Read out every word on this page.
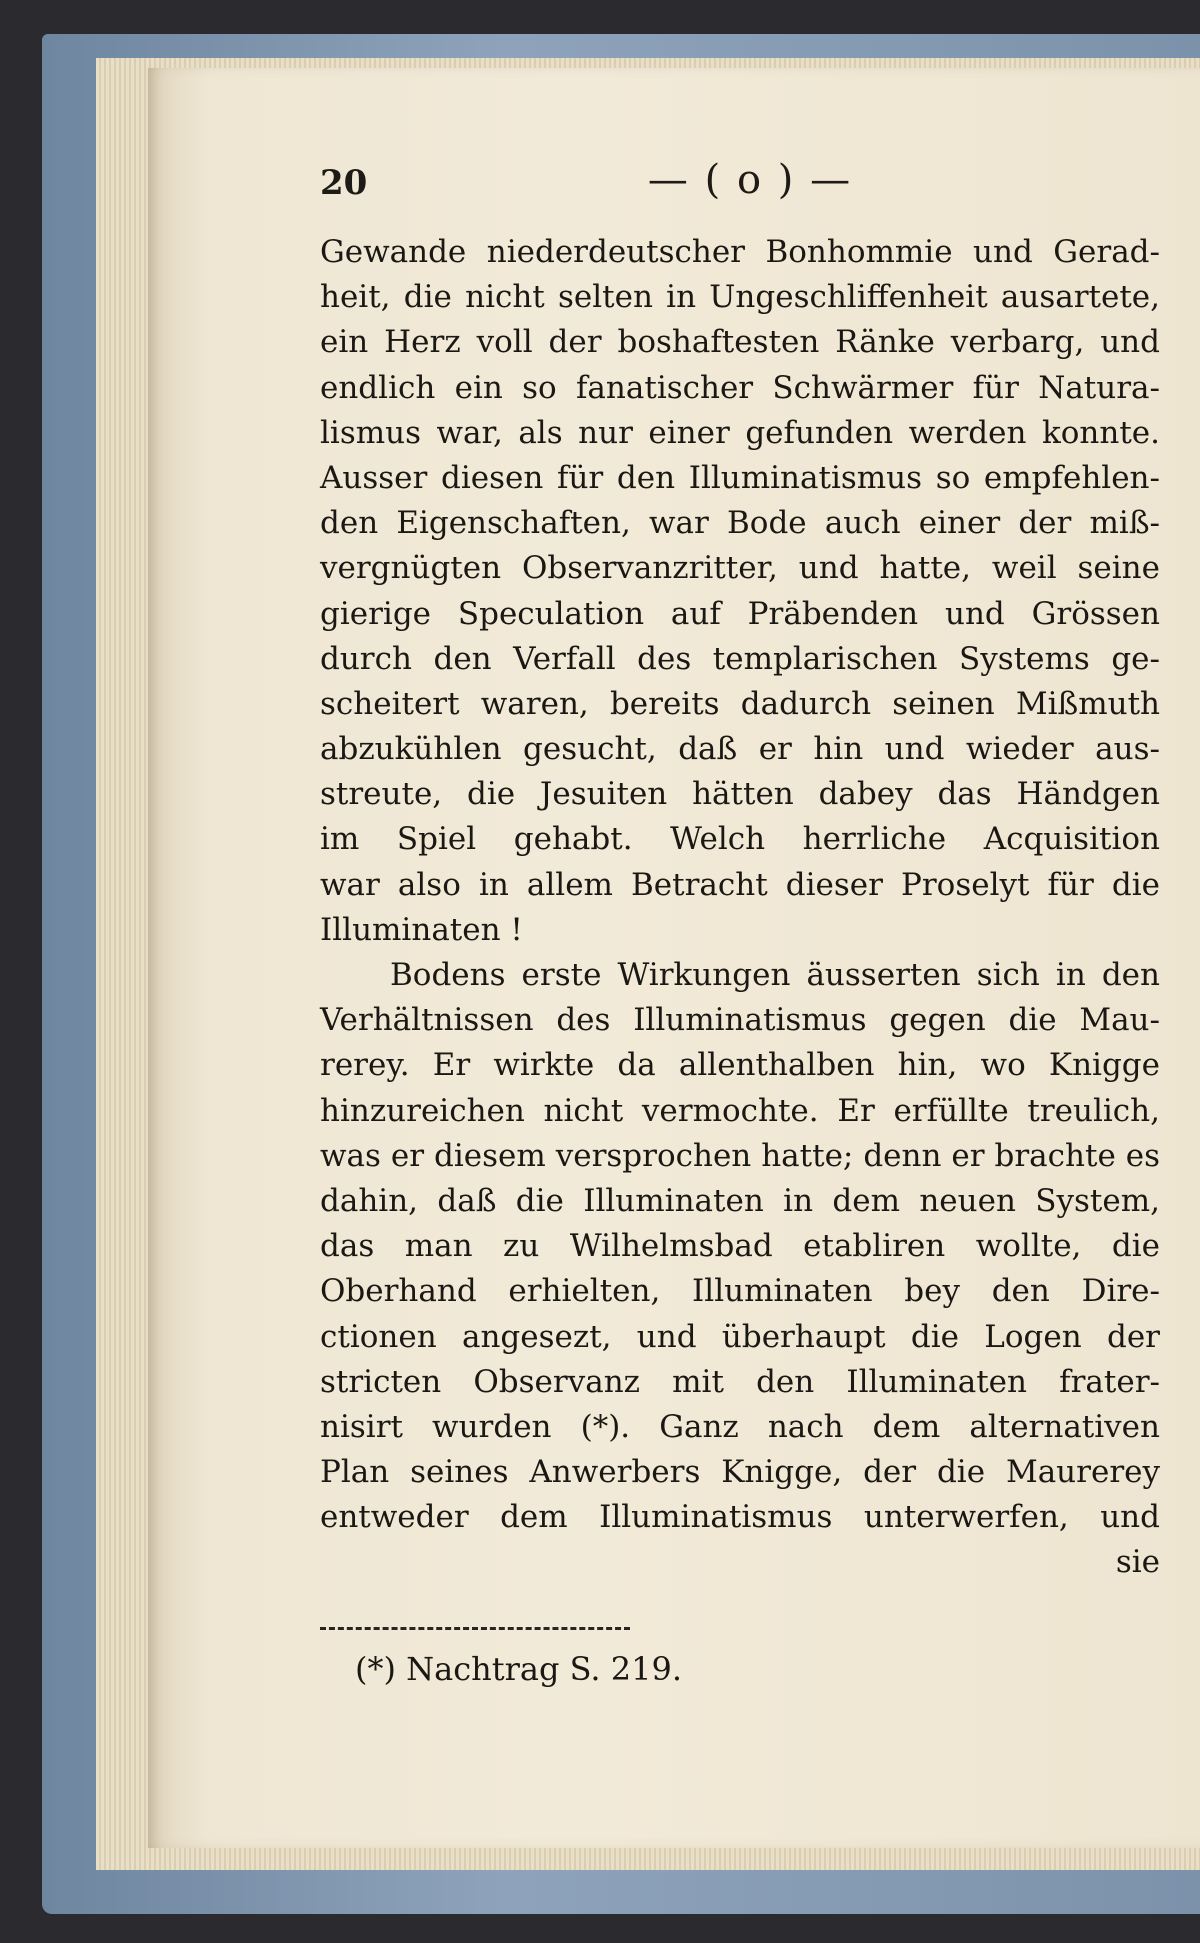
20	— ( o ) —
Gewande niederdeutscher Bonhommie und Gerad-
heit, die nicht selten in Ungeschliffenheit ausartete,
ein Herz voll der boshaftesten Ränke verbarg, und
endlich ein so fanatischer Schwärmer für Natura-
lismus war, als nur einer gefunden werden konnte.
Ausser diesen für den Illuminatismus so empfehlen-
den Eigenschaften, war Bode auch einer der miß-
vergnügten Observanzritter, und hatte, weil seine
gierige Speculation auf Präbenden und Grössen
durch den Verfall des templarischen Systems ge-
scheitert waren, bereits dadurch seinen Mißmuth
abzukühlen gesucht, daß er hin und wieder aus-
streute, die Jesuiten hätten dabey das Händgen
im Spiel gehabt. Welch herrliche Acquisition
war also in allem Betracht dieser Proselyt für die
Illuminaten !
Bodens erste Wirkungen äusserten sich in den
Verhältnissen des Illuminatismus gegen die Mau-
rerey. Er wirkte da allenthalben hin, wo Knigge
hinzureichen nicht vermochte. Er erfüllte treulich,
was er diesem versprochen hatte; denn er brachte es
dahin, daß die Illuminaten in dem neuen System,
das man zu Wilhelmsbad etabliren wollte, die
Oberhand erhielten, Illuminaten bey den Dire-
ctionen angesezt, und überhaupt die Logen der
stricten Observanz mit den Illuminaten frater-
nisirt wurden (*). Ganz nach dem alternativen
Plan seines Anwerbers Knigge, der die Maurerey
entweder dem Illuminatismus unterwerfen, und
sie
(*) Nachtrag S. 219.
